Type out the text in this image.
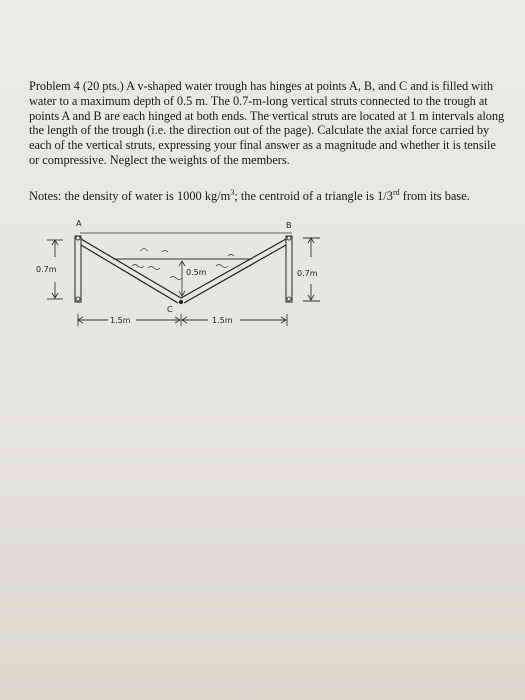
Problem 4 (20 pts.) A v-shaped water trough has hinges at points A, B, and C and is filled with water to a maximum depth of 0.5 m. The 0.7-m-long vertical struts connected to the trough at points A and B are each hinged at both ends. The vertical struts are located at 1 m intervals along the length of the trough (i.e. the direction out of the page). Calculate the axial force carried by each of the vertical struts, expressing your final answer as a magnitude and whether it is tensile or compressive. Neglect the weights of the members.
Notes: the density of water is 1000 $kg/m^3$; the centroid of a triangle is 1/3rd from its base.
A	B
C
0.5m
0.7m	0.7m
1.5m	1.5m
